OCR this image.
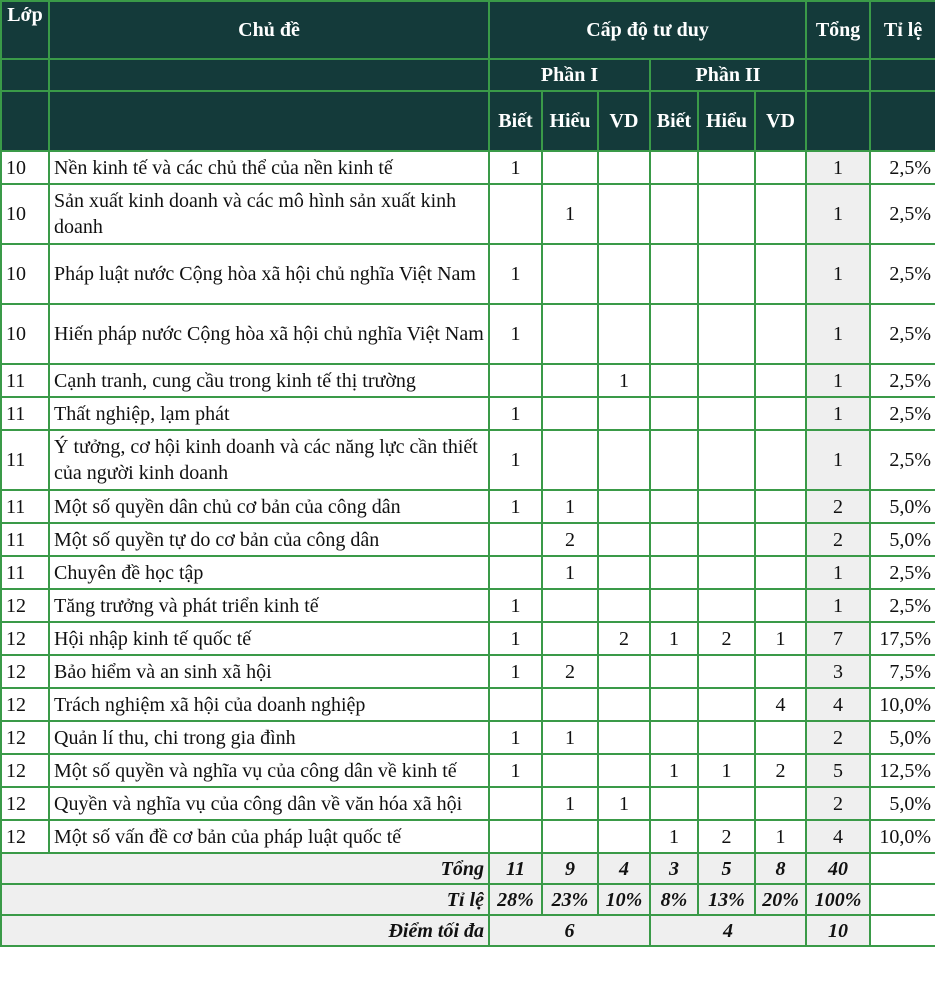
Lớp	Chủ đề	Cấp độ tư duy						Tổng	Tỉ lệ
		Phần I			Phần II				
		Biết	Hiểu	VD	Biết	Hiểu	VD		
10	Nền kinh tế và các chủ thể của nền kinh tế	1						1	2,5%
10	Sản xuất kinh doanh và các mô hình sản xuất kinh doanh		1					1	2,5%
10	Pháp luật nước Cộng hòa xã hội chủ nghĩa Việt Nam	1						1	2,5%
10	Hiến pháp nước Cộng hòa xã hội chủ nghĩa Việt Nam	1						1	2,5%
11	Cạnh tranh, cung cầu trong kinh tế thị trường			1				1	2,5%
11	Thất nghiệp, lạm phát	1						1	2,5%
11	Ý tưởng, cơ hội kinh doanh và các năng lực cần thiết của người kinh doanh	1						1	2,5%
11	Một số quyền dân chủ cơ bản của công dân	1	1					2	5,0%
11	Một số quyền tự do cơ bản của công dân		2					2	5,0%
11	Chuyên đề học tập		1					1	2,5%
12	Tăng trưởng và phát triển kinh tế	1						1	2,5%
12	Hội nhập kinh tế quốc tế	1		2	1	2	1	7	17,5%
12	Bảo hiểm và an sinh xã hội	1	2					3	7,5%
12	Trách nghiệm xã hội của doanh nghiệp						4	4	10,0%
12	Quản lí thu, chi trong gia đình	1	1					2	5,0%
12	Một số quyền và nghĩa vụ của công dân về kinh tế	1			1	1	2	5	12,5%
12	Quyền và nghĩa vụ của công dân về văn hóa xã hội		1	1				2	5,0%
12	Một số vấn đề cơ bản của pháp luật quốc tế				1	2	1	4	10,0%
Tổng		11	9	4	3	5	8	40	
Tỉ lệ		28%	23%	10%	8%	13%	20%	100%	
Điểm tối đa		6			4			10	
